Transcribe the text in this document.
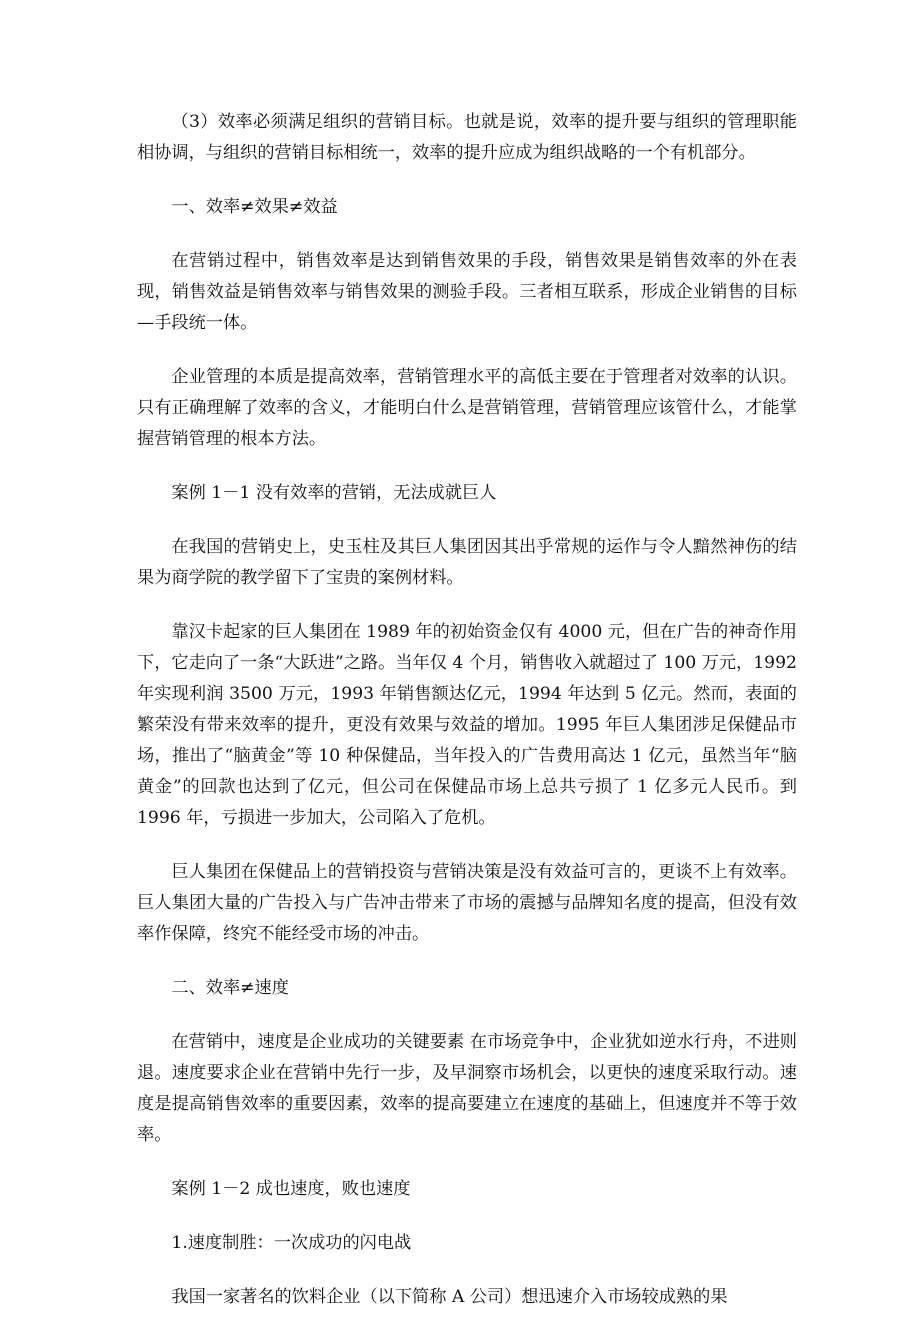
（3）效率必须满足组织的营销目标。也就是说，效率的提升要与组织的管理职能相协调，与组织的营销目标相统一，效率的提升应成为组织战略的一个有机部分。

一、效率≠效果≠效益

在营销过程中，销售效率是达到销售效果的手段，销售效果是销售效率的外在表现，销售效益是销售效率与销售效果的测验手段。三者相互联系，形成企业销售的目标—手段统一体。

企业管理的本质是提高效率，营销管理水平的高低主要在于管理者对效率的认识。只有正确理解了效率的含义，才能明白什么是营销管理，营销管理应该管什么，才能掌握营销管理的根本方法。

案例 1－1 没有效率的营销，无法成就巨人

在我国的营销史上，史玉柱及其巨人集团因其出乎常规的运作与令人黯然神伤的结果为商学院的教学留下了宝贵的案例材料。

靠汉卡起家的巨人集团在 1989 年的初始资金仅有 4000 元，但在广告的神奇作用下，它走向了一条“大跃进”之路。当年仅 4 个月，销售收入就超过了 100 万元，1992 年实现利润 3500 万元，1993 年销售额达亿元，1994 年达到 5 亿元。然而，表面的繁荣没有带来效率的提升，更没有效果与效益的增加。1995 年巨人集团涉足保健品市场，推出了“脑黄金”等 10 种保健品，当年投入的广告费用高达 1 亿元，虽然当年“脑黄金”的回款也达到了亿元，但公司在保健品市场上总共亏损了 1 亿多元人民币。到 1996 年，亏损进一步加大，公司陷入了危机。

巨人集团在保健品上的营销投资与营销决策是没有效益可言的，更谈不上有效率。巨人集团大量的广告投入与广告冲击带来了市场的震撼与品牌知名度的提高，但没有效率作保障，终究不能经受市场的冲击。

二、效率≠速度

在营销中，速度是企业成功的关键要素 在市场竞争中，企业犹如逆水行舟，不进则退。速度要求企业在营销中先行一步，及早洞察市场机会，以更快的速度采取行动。速度是提高销售效率的重要因素，效率的提高要建立在速度的基础上，但速度并不等于效率。

案例 1－2 成也速度，败也速度

1.速度制胜：一次成功的闪电战

我国一家著名的饮料企业（以下简称 A 公司）想迅速介入市场较成熟的果
